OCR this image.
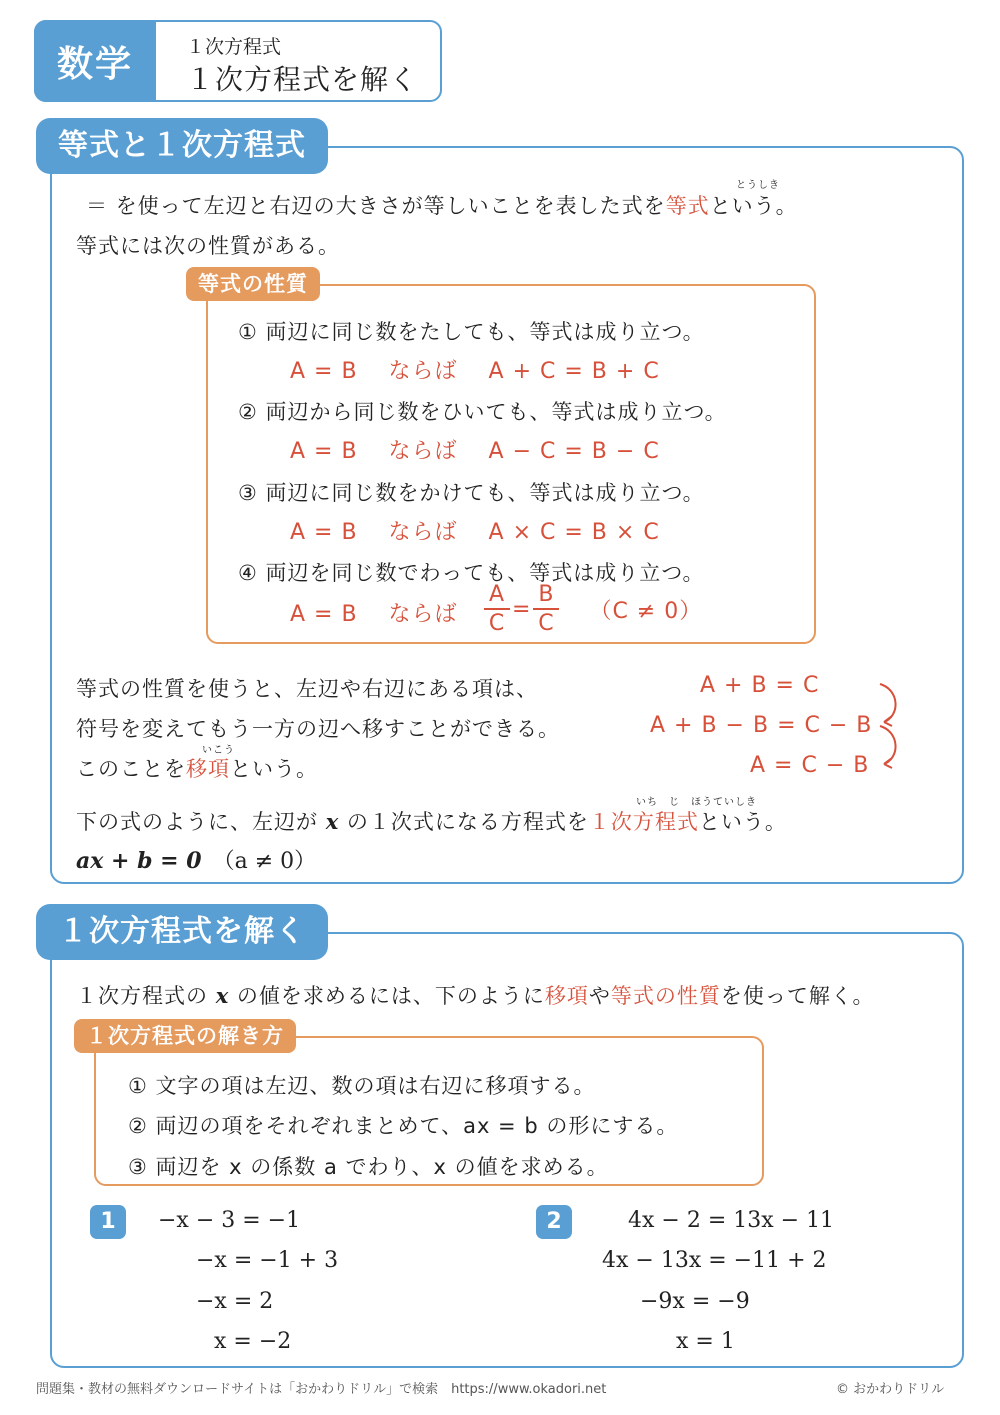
数学	１次方程式
１次方程式を解く
等式と１次方程式
とうしき
＝ を使って左辺と右辺の大きさが等しいことを表した式を等式という。
等式には次の性質がある。
等式の性質
① 両辺に同じ数をたしても、等式は成り立つ。
A = B　 ならば　 A + C = B + C
② 両辺から同じ数をひいても、等式は成り立つ。
A = B　 ならば　 A − C = B − C
③ 両辺に同じ数をかけても、等式は成り立つ。
A = B　 ならば　 A × C = B × C
④ 両辺を同じ数でわっても、等式は成り立つ。
A = B　 ならば $\frac{A}{C} = \frac{B}{C} (C \ne 0)$
等式の性質を使うと、左辺や右辺にある項は、
符号を変えてもう一方の辺へ移すことができる。
いこう
このことを移項という。
A + B = C
A + B − B = C − B
A = C − B
いち　じ　ほうていしき
下の式のように、左辺が x の１次式になる方程式を１次方程式という。
ax + b = 0　 （a ≠ 0）
１次方程式を解く
１次方程式の x の値を求めるには、下のように移項や等式の性質を使って解く。
１次方程式の解き方
① 文字の項は左辺、数の項は右辺に移項する。
② 両辺の項をそれぞれまとめて、ax = b の形にする。
③ 両辺を x の係数 a でわり、x の値を求める。
1	−x − 3 = −1
−x = −1 + 3
−x = 2
x = −2
2	4x − 2 = 13x − 11
4x − 13x = −11 + 2
−9x = −9
x = 1
問題集・教材の無料ダウンロードサイトは「おかわりドリル」で検索　https://www.okadori.net	© おかわりドリル
